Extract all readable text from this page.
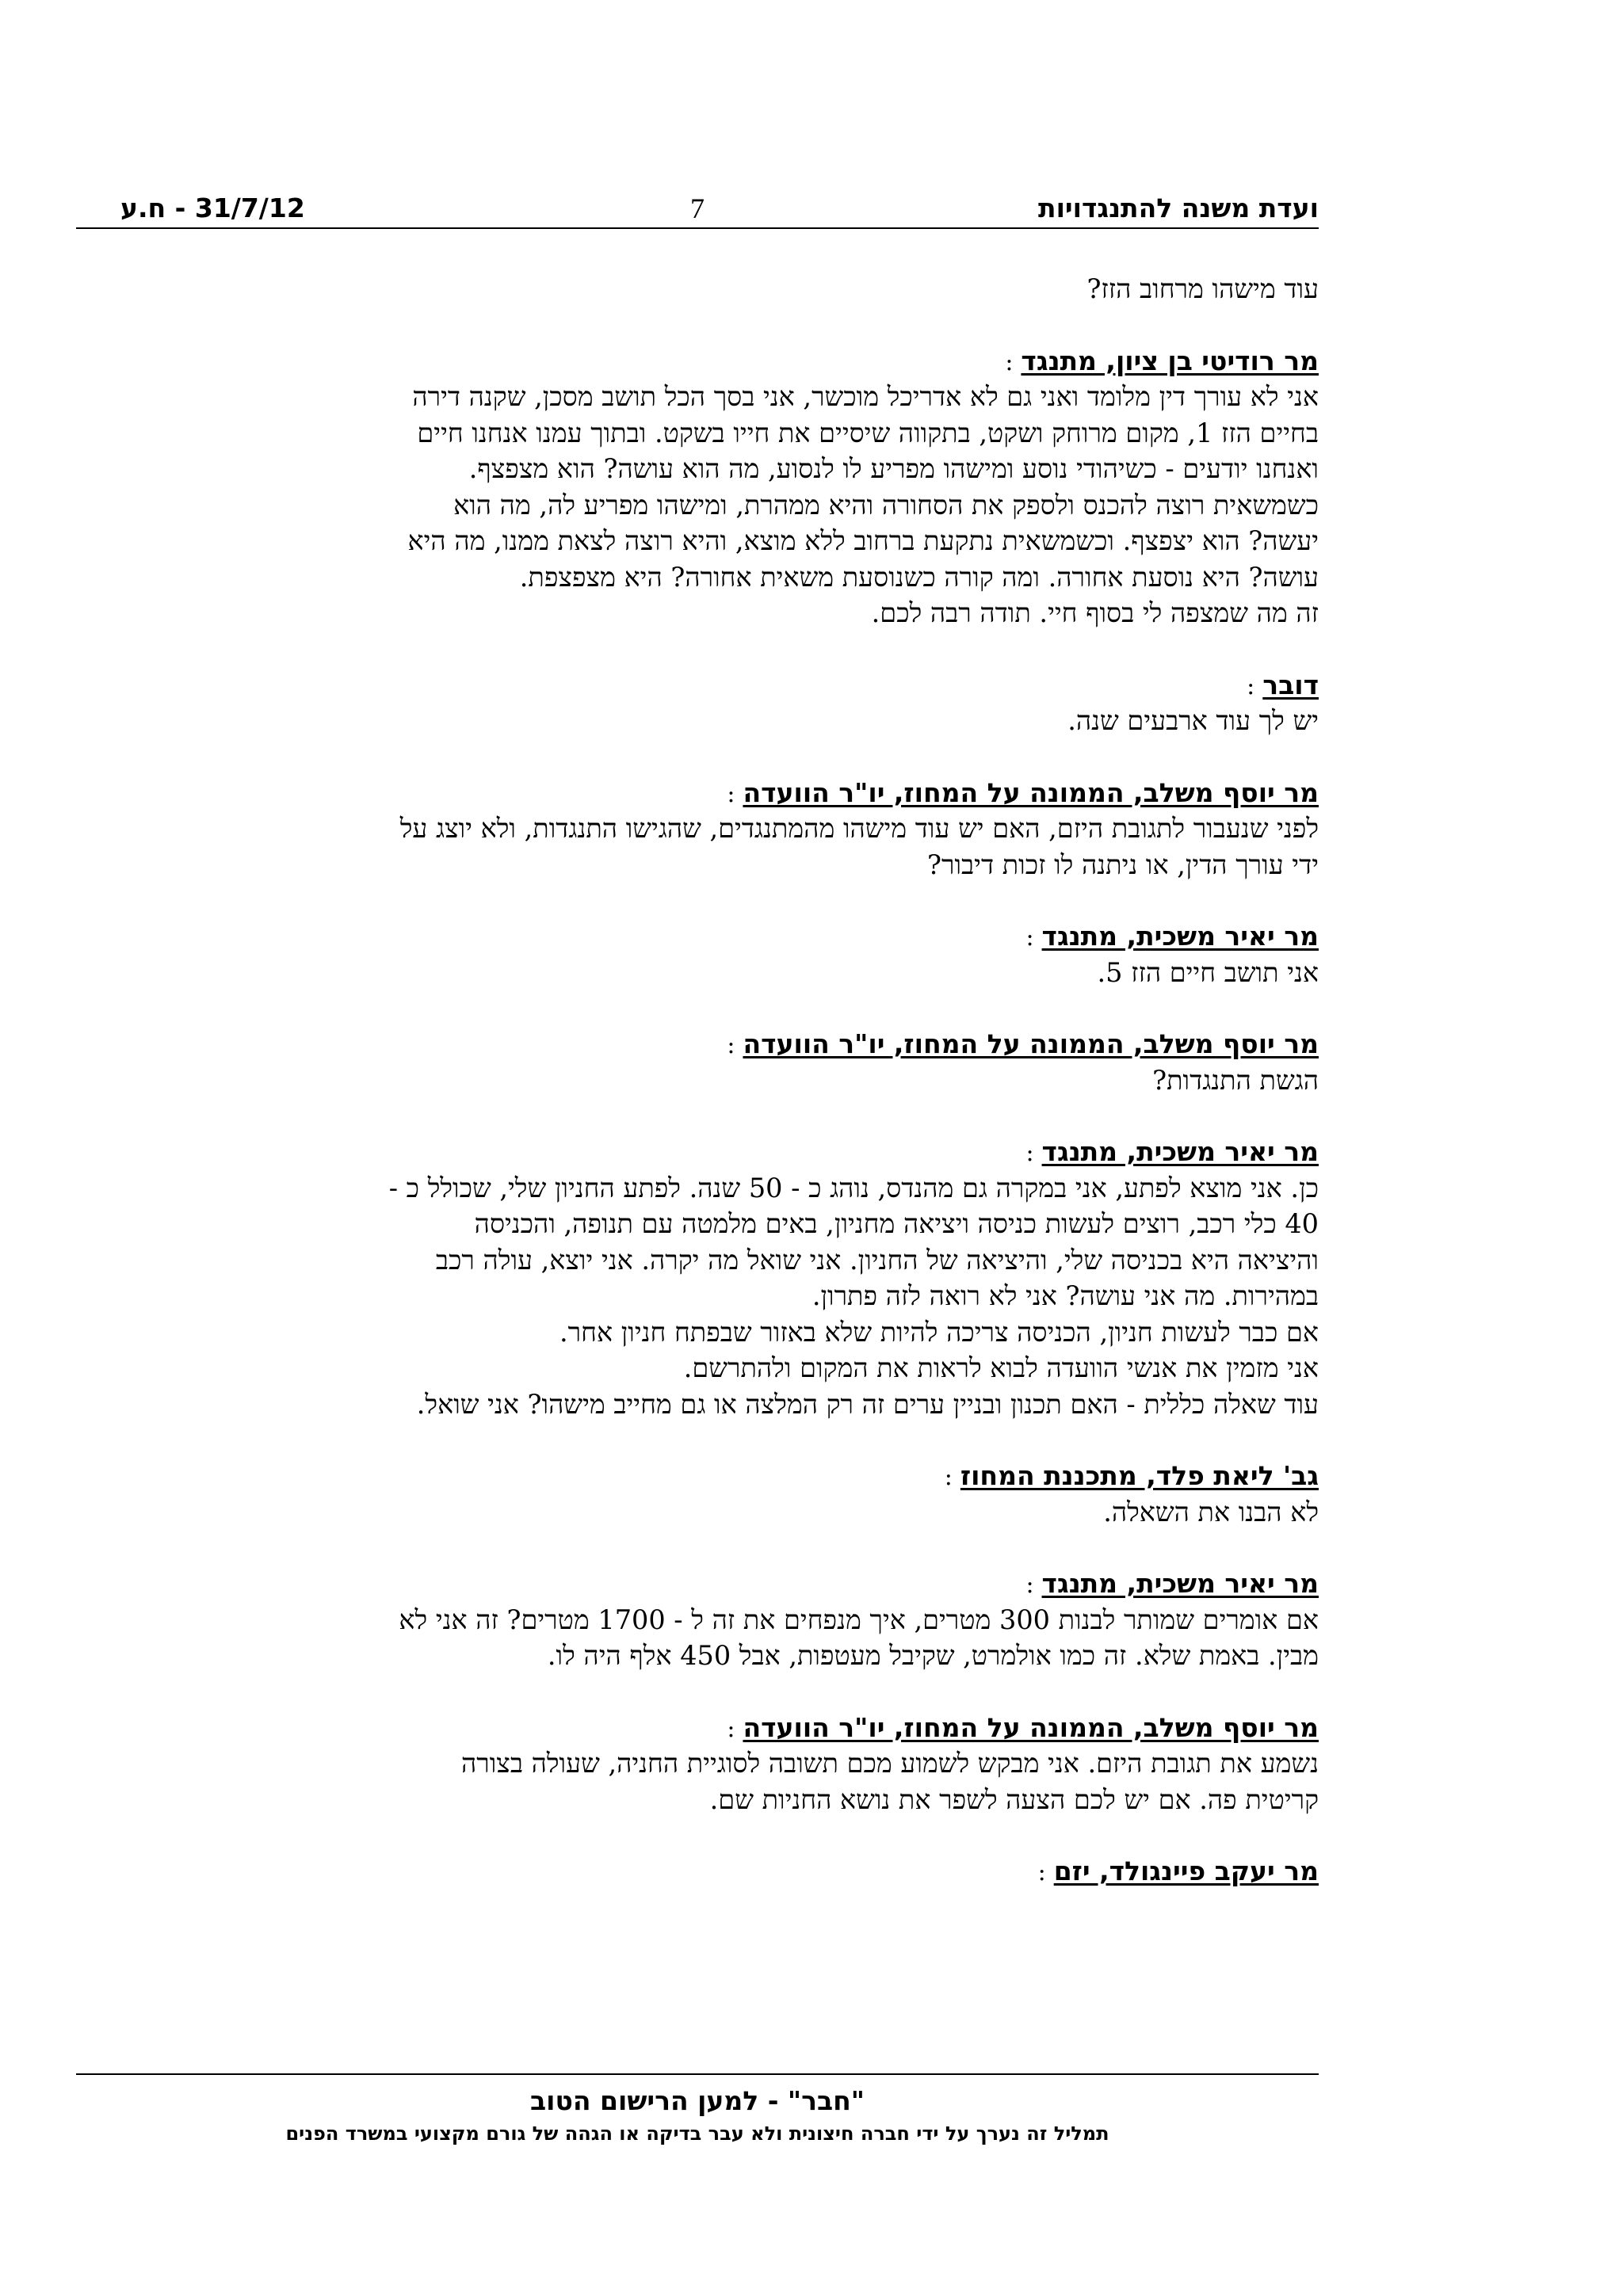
ועדת משנה להתנגדויות
7
31/7/12 - ח.ע
עוד מישהו מרחוב הזז?
מר רודיטי בן ציון, מתנגד:
אני לא עורך דין מלומד ואני גם לא אדריכל מוכשר, אני בסך הכל תושב מסכן, שקנה דירה
בחיים הזז 1, מקום מרוחק ושקט, בתקווה שיסיים את חייו בשקט. ובתוך עמנו אנחנו חיים
ואנחנו יודעים - כשיהודי נוסע ומישהו מפריע לו לנסוע, מה הוא עושה? הוא מצפצף.
כשמשאית רוצה להכנס ולספק את הסחורה והיא ממהרת, ומישהו מפריע לה, מה הוא
יעשה? הוא יצפצף. וכשמשאית נתקעת ברחוב ללא מוצא, והיא רוצה לצאת ממנו, מה היא
עושה? היא נוסעת אחורה. ומה קורה כשנוסעת משאית אחורה? היא מצפצפת.
זה מה שמצפה לי בסוף חיי. תודה רבה לכם.
דובר:
יש לך עוד ארבעים שנה.
מר יוסף משלב, הממונה על המחוז, יו"ר הוועדה:
לפני שנעבור לתגובת היזם, האם יש עוד מישהו מהמתנגדים, שהגישו התנגדות, ולא יוצג על
ידי עורך הדין, או ניתנה לו זכות דיבור?
מר יאיר משכית, מתנגד:
אני תושב חיים הזז 5.
מר יוסף משלב, הממונה על המחוז, יו"ר הוועדה:
הגשת התנגדות?
מר יאיר משכית, מתנגד:
כן. אני מוצא לפתע, אני במקרה גם מהנדס, נוהג כ - 50 שנה. לפתע החניון שלי, שכולל כ -
40 כלי רכב, רוצים לעשות כניסה ויציאה מחניון, באים מלמטה עם תנופה, והכניסה
והיציאה היא בכניסה שלי, והיציאה של החניון. אני שואל מה יקרה. אני יוצא, עולה רכב
במהירות. מה אני עושה? אני לא רואה לזה פתרון.
אם כבר לעשות חניון, הכניסה צריכה להיות שלא באזור שבפתח חניון אחר.
אני מזמין את אנשי הוועדה לבוא לראות את המקום ולהתרשם.
עוד שאלה כללית - האם תכנון ובניין ערים זה רק המלצה או גם מחייב מישהו? אני שואל.
גב' ליאת פלד, מתכננת המחוז:
לא הבנו את השאלה.
מר יאיר משכית, מתנגד:
אם אומרים שמותר לבנות 300 מטרים, איך מנפחים את זה ל - 1700 מטרים? זה אני לא
מבין. באמת שלא. זה כמו אולמרט, שקיבל מעטפות, אבל 450 אלף היה לו.
מר יוסף משלב, הממונה על המחוז, יו"ר הוועדה:
נשמע את תגובת היזם. אני מבקש לשמוע מכם תשובה לסוגיית החניה, שעולה בצורה
קריטית פה. אם יש לכם הצעה לשפר את נושא החניות שם.
מר יעקב פיינגולד, יזם:
"חבר" - למען הרישום הטוב
תמליל זה נערך על ידי חברה חיצונית ולא עבר בדיקה או הגהה של גורם מקצועי במשרד הפנים
